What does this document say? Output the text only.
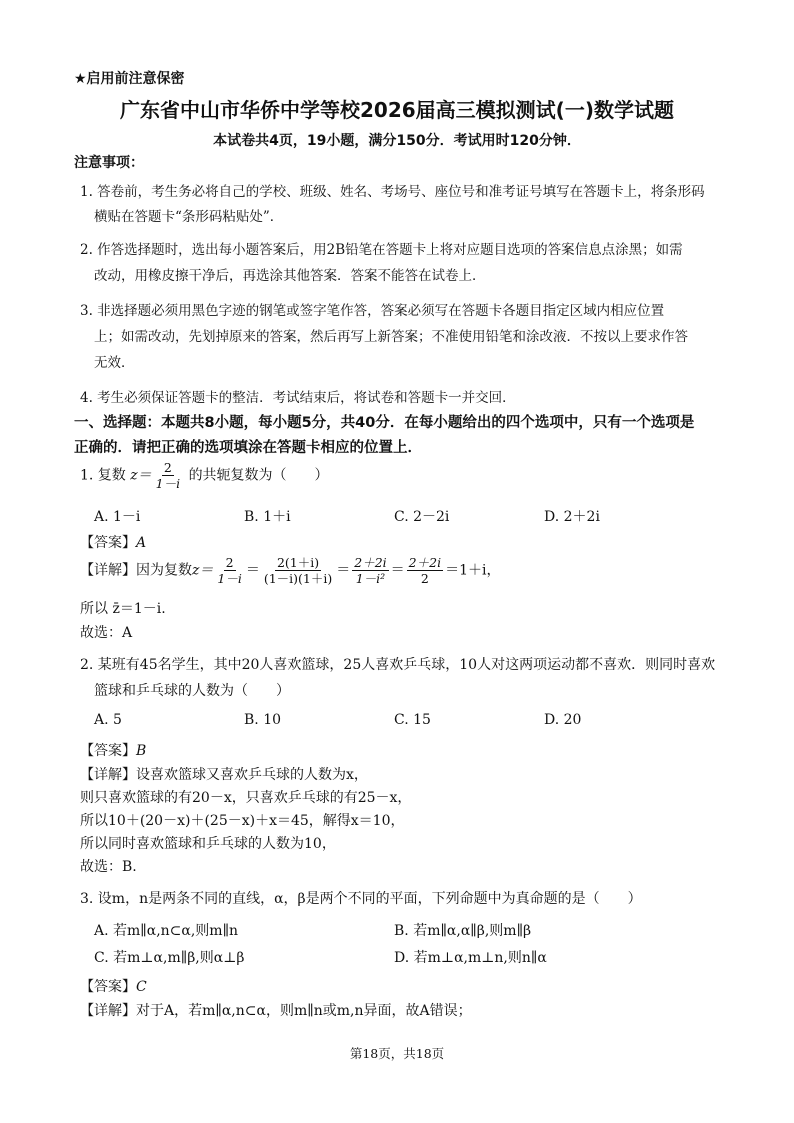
★启用前注意保密
广东省中山市华侨中学等校2026届高三模拟测试(一)数学试题
本试卷共4页，19小题，满分150分．考试用时120分钟．
注意事项：
1. 答卷前，考生务必将自己的学校、班级、姓名、考场号、座位号和准考证号填写在答题卡上，将条形码
横贴在答题卡“条形码粘贴处”．
2. 作答选择题时，选出每小题答案后，用2B铅笔在答题卡上将对应题目选项的答案信息点涂黑；如需
改动，用橡皮擦干净后，再选涂其他答案．答案不能答在试卷上．
3. 非选择题必须用黑色字迹的钢笔或签字笔作答，答案必须写在答题卡各题目指定区域内相应位置
上；如需改动，先划掉原来的答案，然后再写上新答案；不准使用铅笔和涂改液．不按以上要求作答
无效．
4. 考生必须保证答题卡的整洁．考试结束后，将试卷和答题卡一并交回．
一、选择题：本题共8小题，每小题5分，共40分．在每小题给出的四个选项中，只有一个选项是
正确的．请把正确的选项填涂在答题卡相应的位置上．
1. 复数 $z= \frac{2}{1-i}$ 的共轭复数为（　　）
A. 1－i	B. 1＋i	C. 2－2i	D. 2＋2i
【答案】A
【详解】因为复数$z= \frac{2}{1-i} = \frac{2(1+i)}{(1-i)(1+i)} = \frac{2+2i}{\text{1－i²}} = \frac{2+2i}{2} =1+i$，
所以 z̄＝1－i.
故选：A
2. 某班有45名学生，其中20人喜欢篮球，25人喜欢乒乓球，10人对这两项运动都不喜欢．则同时喜欢
篮球和乒乓球的人数为（　　）
A. 5	B. 10	C. 15	D. 20
【答案】B
【详解】设喜欢篮球又喜欢乒乓球的人数为x，
则只喜欢篮球的有20－x，只喜欢乒乓球的有25－x，
所以10＋(20－x)＋(25－x)＋x＝45，解得x＝10，
所以同时喜欢篮球和乒乓球的人数为10，
故选：B.
3. 设m，n是两条不同的直线，α，β是两个不同的平面，下列命题中为真命题的是（　　）
A. 若m∥α,n⊂α,则m∥n	B. 若m∥α,α∥β,则m∥β
C. 若m⊥α,m∥β,则α⊥β	D. 若m⊥α,m⊥n,则n∥α
【答案】C
【详解】对于A，若m∥α,n⊂α，则m∥n或m,n异面，故A错误；
第18页，共18页
